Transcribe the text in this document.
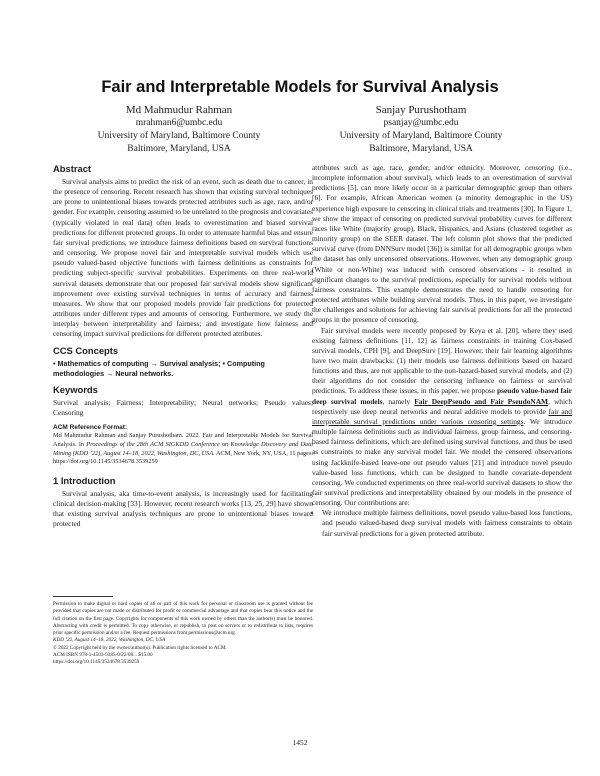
Fair and Interpretable Models for Survival Analysis
Md Mahmudur Rahman
mrahman6@umbc.edu
University of Maryland, Baltimore County
Baltimore, Maryland, USA
Sanjay Purushotham
psanjay@umbc.edu
University of Maryland, Baltimore County
Baltimore, Maryland, USA
Abstract

Survival analysis aims to predict the risk of an event, such as death due to cancer, in the presence of censoring. Recent research has shown that existing survival techniques are prone to unintentional biases towards protected attributes such as age, race, and/or gender. For example, censoring assumed to be unrelated to the prognosis and covariates (typically violated in real data) often leads to overestimation and biased survival predictions for different protected groups. In order to attenuate harmful bias and ensure fair survival predictions, we introduce fairness definitions based on survival functions and censoring. We propose novel fair and interpretable survival models which use pseudo valued-based objective functions with fairness definitions as constraints for predicting subject-specific survival probabilities. Experiments on three real-world survival datasets demonstrate that our proposed fair survival models show significant improvement over existing survival techniques in terms of accuracy and fairness measures. We show that our proposed models provide fair predictions for protected attributes under different types and amounts of censoring. Furthermore, we study the interplay between interpretability and fairness; and investigate how fairness and censoring impact survival predictions for different protected attributes.

CCS Concepts
• Mathematics of computing → Survival analysis; • Computing methodologies → Neural networks.
Keywords

Survival analysis; Fairness; Interpretability; Neural networks; Pseudo values; Censoring

ACM Reference Format:

Md Mahmudur Rahman and Sanjay Purushotham. 2022. Fair and Interpretable Models for Survival Analysis. In Proceedings of the 28th ACM SIGKDD Conference on Knowledge Discovery and Data Mining (KDD ’22), August 14–18, 2022, Washington, DC, USA. ACM, New York, NY, USA, 11 pages. https://doi.org/10.1145/3534678.3539259

1 Introduction

Survival analysis, aka time-to-event analysis, is increasingly used for facilitating clinical decision-making [33]. However, recent research works [13, 25, 29] have shown that existing survival analysis techniques are prone to unintentional biases toward protected

Permission to make digital or hard copies of all or part of this work for personal or classroom use is granted without fee provided that copies are not made or distributed for profit or commercial advantage and that copies bear this notice and the full citation on the first page. Copyrights for components of this work owned by others than the author(s) must be honored. Abstracting with credit is permitted. To copy otherwise, or republish, to post on servers or to redistribute to lists, requires prior specific permission and/or a fee. Request permissions from permissions@acm.org.
KDD ’22, August 14–18, 2022, Washington, DC, USA
© 2022 Copyright held by the owner/author(s). Publication rights licensed to ACM.
ACM ISBN 978-1-4503-9385-0/22/08... $15.00
https://doi.org/10.1145/3534678.3539259

attributes such as age, race, gender, and/or ethnicity. Moreover, censoring (i.e., incomplete information about survival), which leads to an overestimation of survival predictions [5], can more likely occur in a particular demographic group than others [6]. For example, African American women (a minority demographic in the US) experience high exposure to censoring in clinical trials and treatments [30]. In Figure 1, we show the impact of censoring on predicted survival probability curves for different races like White (majority group), Black, Hispanics, and Asians (clustered together as minority group) on the SEER dataset. The left column plot shows that the predicted survival curve (from DNNSurv model [36]) is similar for all demographic groups when the dataset has only uncensored observations. However, when any demographic group (White or non-White) was induced with censored observations - it resulted in significant changes to the survival predictions, especially for survival models without fairness constraints. This example demonstrates the need to handle censoring for protected attributes while building survival models. Thus, in this paper, we investigate the challenges and solutions for achieving fair survival predictions for all the protected groups in the presence of censoring.

Fair survival models were recently proposed by Keya et al. [20], where they used existing fairness definitions [11, 12] as fairness constraints in training Cox-based survival models, CPH [9], and DeepSurv [19]. However, their fair learning algorithms have two main drawbacks: (1) their models use fairness definitions based on hazard functions and thus, are not applicable to the non-hazard-based survival models, and (2) their algorithms do not consider the censoring influence on fairness or survival predictions. To address these issues, in this paper, we propose pseudo value-based fair deep survival models, namely Fair DeepPseudo and Fair PseudoNAM, which respectively use deep neural networks and neural additive models to provide fair and interpretable survival predictions under various censoring settings. We introduce multiple fairness definitions such as individual fairness, group fairness, and censoring-based fairness definitions, which are defined using survival functions, and thus be used as constraints to make any survival model fair. We model the censored observations using Jackknife-based leave-one out pseudo values [21] and introduce novel pseudo value-based loss functions, which can be designed to handle covariate-dependent censoring. We conducted experiments on three real-world survival datasets to show the fair survival predictions and interpretability obtained by our models in the presence of censoring. Our contributions are:

• We introduce multiple fairness definitions, novel pseudo value-based loss functions, and pseudo valued-based deep survival models with fairness constraints to obtain fair survival predictions for a given protected attribute.
1452
